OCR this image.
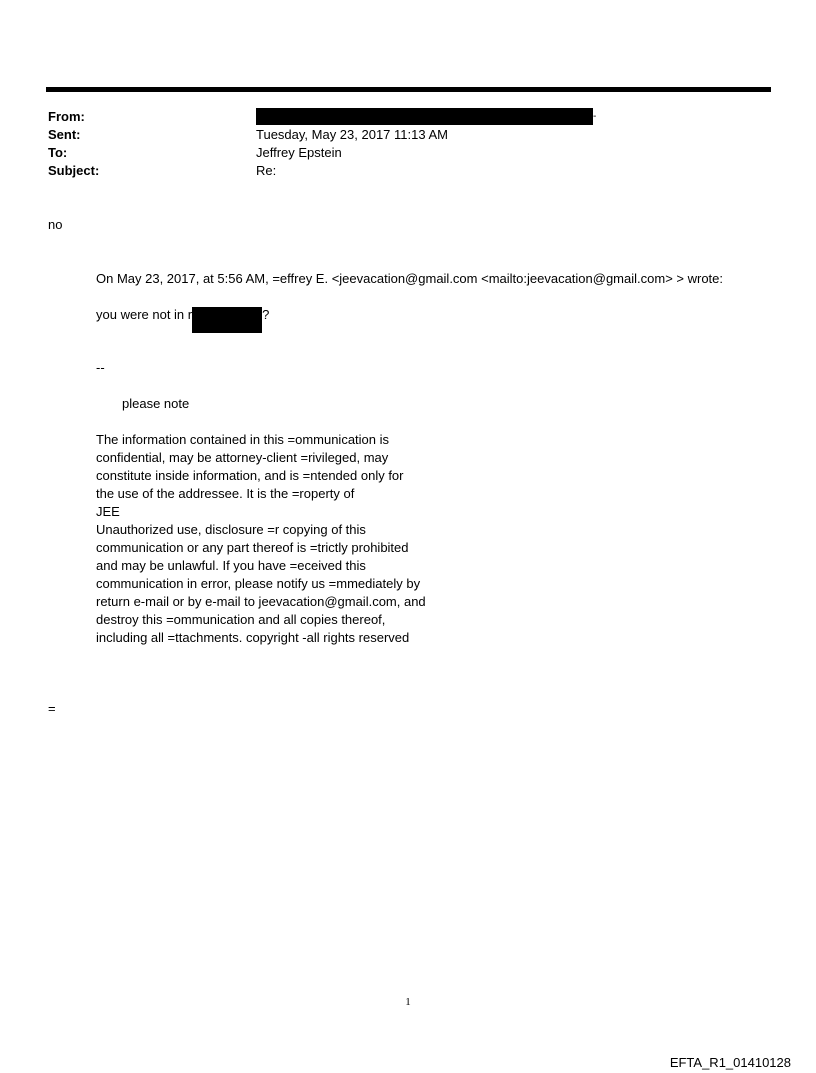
From:	-
Sent:	Tuesday, May 23, 2017 11:13 AM
To:	Jeffrey Epstein
Subject:	Re:
no
On May 23, 2017, at 5:56 AM, =effrey E. <jeevacation@gmail.com <mailto:jeevacation@gmail.com> > wrote:
you were not in r	?
--
please note
The information contained in this =ommunication is
confidential, may be attorney-client =rivileged, may
constitute inside information, and is =ntended only for
the use of the addressee. It is the =roperty of
JEE
Unauthorized use, disclosure =r copying of this
communication or any part thereof is =trictly prohibited
and may be unlawful. If you have =eceived this
communication in error, please notify us =mmediately by
return e-mail or by e-mail to jeevacation@gmail.com, and
destroy this =ommunication and all copies thereof,
including all =ttachments. copyright -all rights reserved
=
1
EFTA_R1_01410128
